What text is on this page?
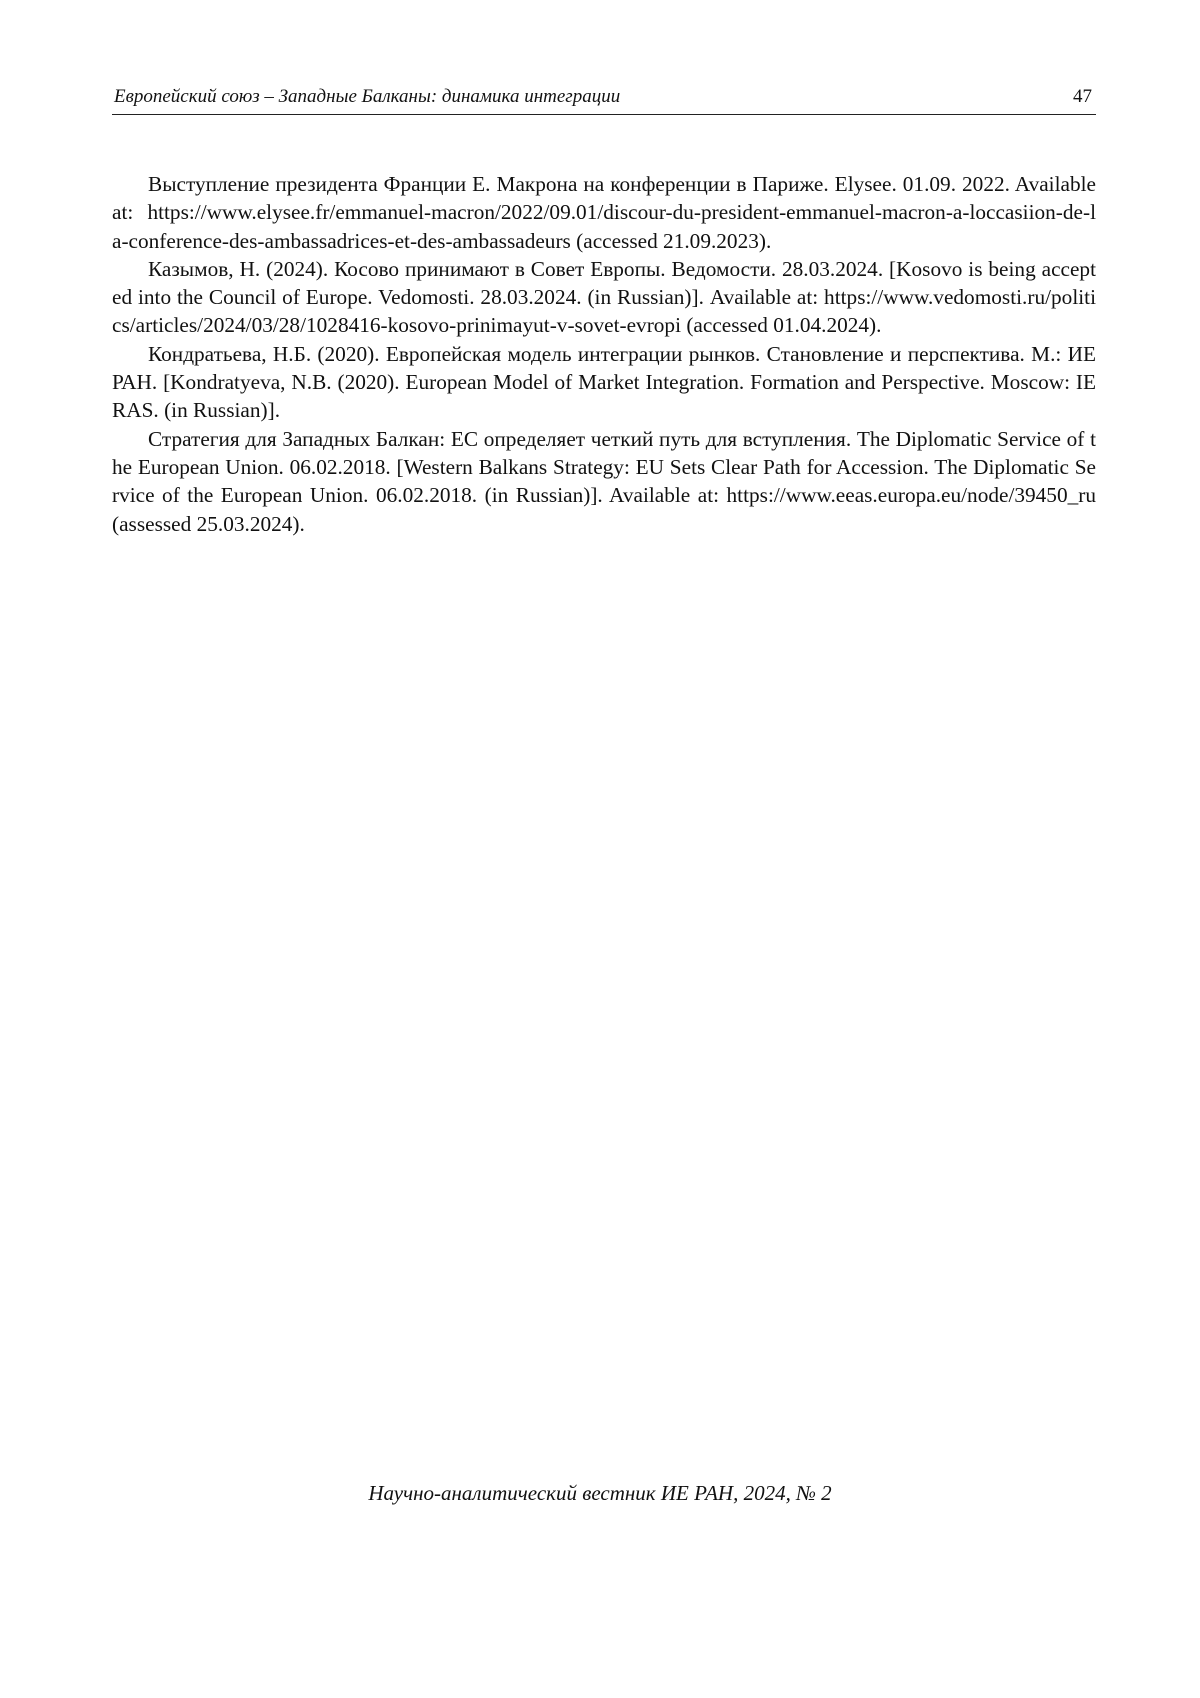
Европейский союз – Западные Балканы: динамика интеграции	47

Выступление президента Франции Е. Макрона на конференции в Париже. Elysee. 01.09. 2022. Available at: https://www.elysee.fr/emmanuel-macron/2022/09.01/discour-du-president-emmanuel-macron-a-loccasiion-de-la-conference-des-ambassadrices-et-des-ambassadeurs (accessed 21.09.2023).

Казымов, Н. (2024). Косово принимают в Совет Европы. Ведомости. 28.03.2024. [Kosovo is being accepted into the Council of Europe. Vedomosti. 28.03.2024. (in Russian)]. Available at: https://www.vedomosti.ru/politics/articles/2024/03/28/1028416-kosovo-prinimayut-v-sovet-evropi (accessed 01.04.2024).

Кондратьева, Н.Б. (2020). Европейская модель интеграции рынков. Становление и перспектива. М.: ИЕ РАН. [Kondratyeva, N.B. (2020). European Model of Market Integration. Formation and Perspective. Moscow: IE RAS. (in Russian)].

Стратегия для Западных Балкан: ЕС определяет четкий путь для вступления. The Diplomatic Service of the European Union. 06.02.2018. [Western Balkans Strategy: EU Sets Clear Path for Accession. The Diplomatic Service of the European Union. 06.02.2018. (in Russian)]. Available at: https://www.eeas.europa.eu/node/39450_ru (assessed 25.03.2024).

Научно-аналитический вестник ИЕ РАН, 2024, № 2
